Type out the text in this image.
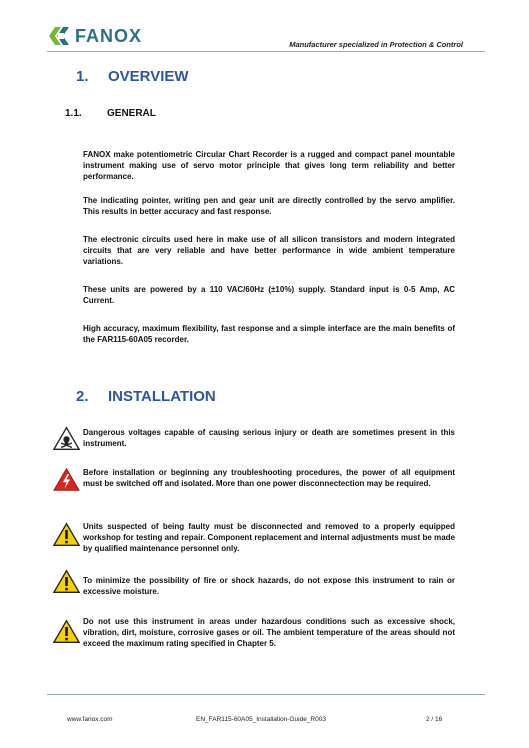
FANOX	Manufacturer specialized in Protection & Control
1. OVERVIEW
1.1.	GENERAL
FANOX make potentiometric Circular Chart Recorder is a rugged and compact panel mountable instrument making use of servo motor principle that gives long term reliability and better performance.
The indicating pointer, writing pen and gear unit are directly controlled by the servo amplifier. This results in better accuracy and fast response.
The electronic circuits used here in make use of all silicon transistors and modern integrated circuits that are very reliable and have better performance in wide ambient temperature variations.
These units are powered by a 110 VAC/60Hz (±10%) supply. Standard input is 0-5 Amp, AC Current.
High accuracy, maximum flexibility, fast response and a simple interface are the main benefits of the FAR115-60A05 recorder.
2. INSTALLATION
Dangerous voltages capable of causing serious injury or death are sometimes present in this instrument.
Before installation or beginning any troubleshooting procedures, the power of all equipment must be switched off and isolated. More than one power disconnectection may be required.
Units suspected of being faulty must be disconnected and removed to a properly equipped workshop for testing and repair. Component replacement and internal adjustments must be made by qualified maintenance personnel only.
To minimize the possibility of fire or shock hazards, do not expose this instrument to rain or excessive moisture.
Do not use this instrument in areas under hazardous conditions such as excessive shock, vibration, dirt, moisture, corrosive gases or oil. The ambient temperature of the areas should not exceed the maximum rating specified in Chapter 5.
www.fanox.com	EN_FAR115-60A05_Installation-Guide_R003	2 / 16
